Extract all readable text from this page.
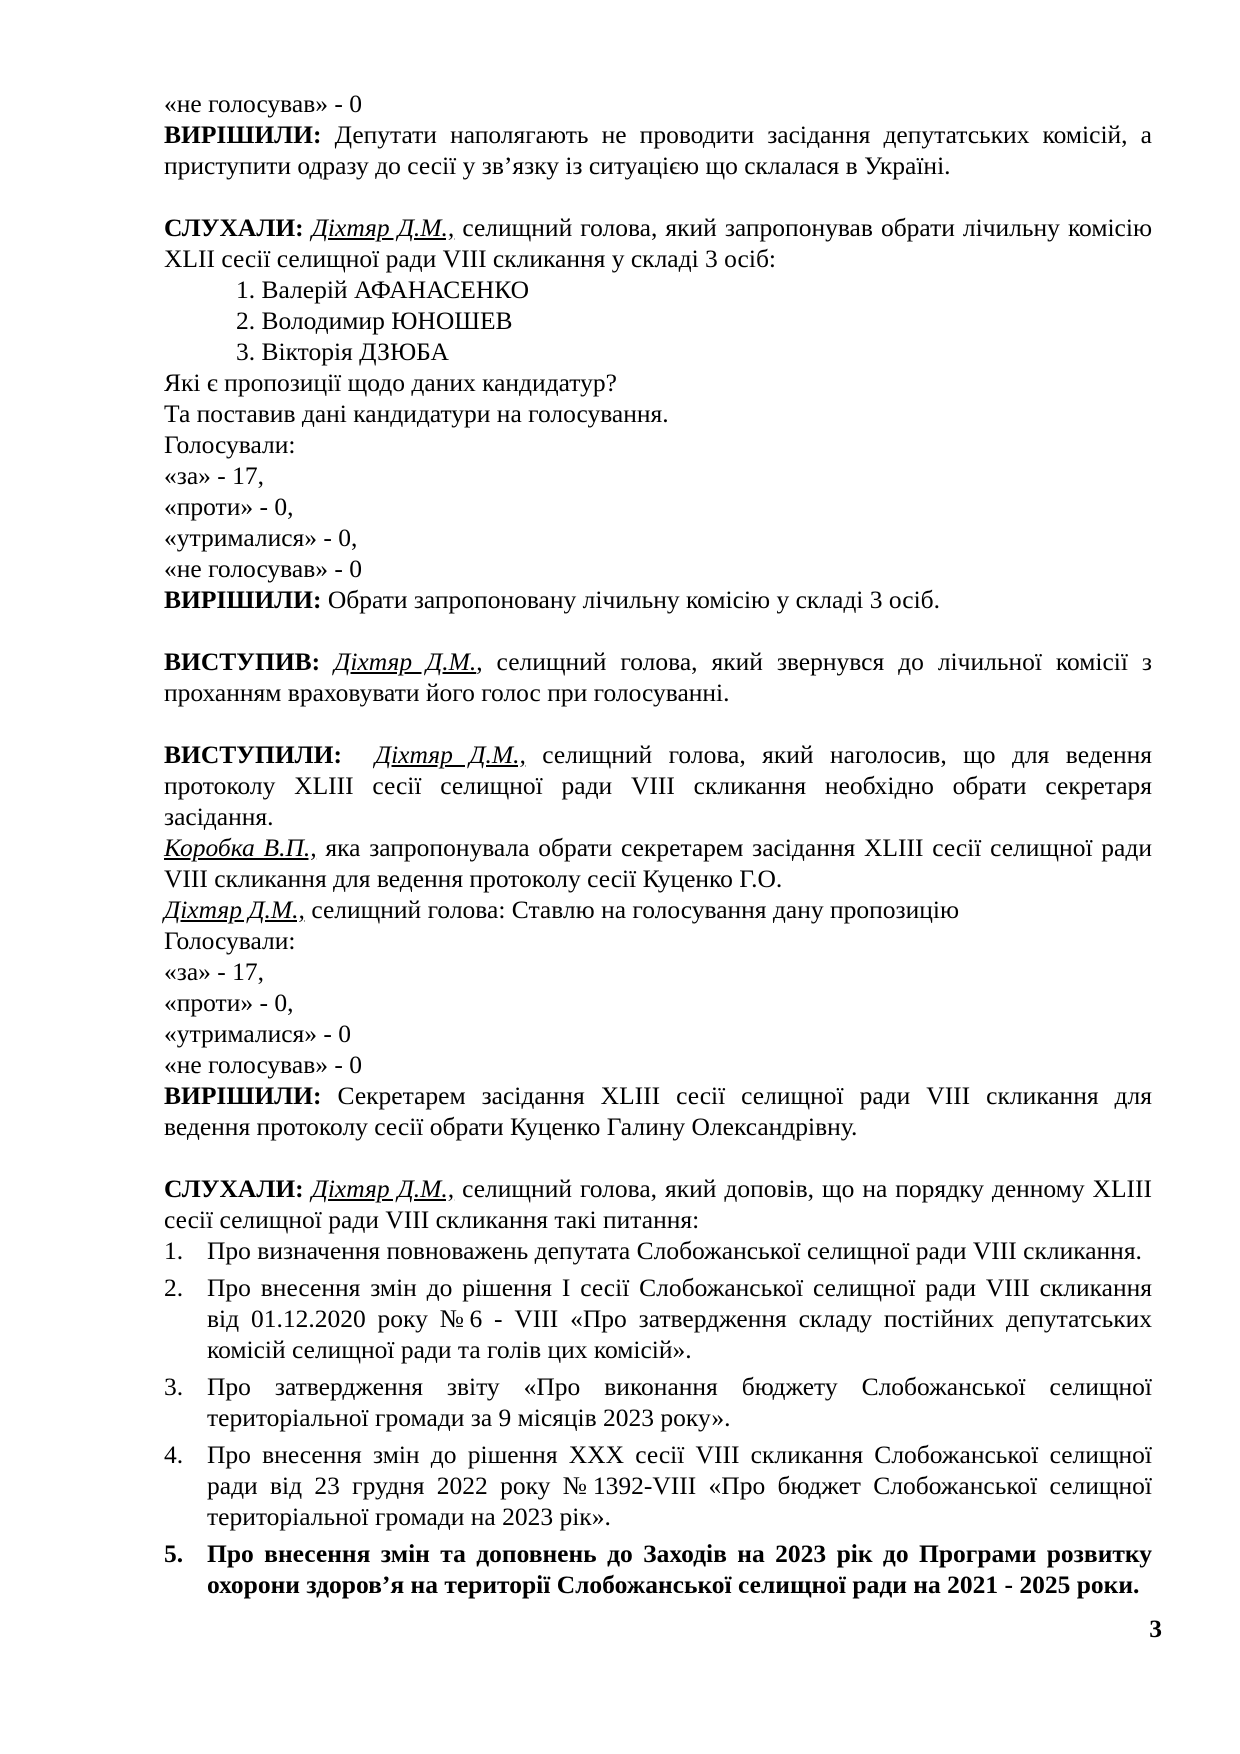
«не голосував» - 0

ВИРІШИЛИ: Депутати наполягають не проводити засідання депутатських комісій, а приступити одразу до сесії у зв’язку із ситуацією що склалася в Україні.

СЛУХАЛИ: Діхтяр Д.М., селищний голова, який запропонував обрати лічильну комісію ХLІІ сесії селищної ради VIII скликання у складі 3 осіб:

1. Валерій АФАНАСЕНКО
2. Володимир ЮНОШЕВ
3. Вікторія ДЗЮБА

Які є пропозиції щодо даних кандидатур?

Та поставив дані кандидатури на голосування.

Голосували:

«за» - 17,

«проти» - 0,

«утрималися» - 0,

«не голосував» - 0

ВИРІШИЛИ: Обрати запропоновану лічильну комісію у складі 3 осіб.

ВИСТУПИВ: Діхтяр Д.М., селищний голова, який звернувся до лічильної комісії з проханням враховувати його голос при голосуванні.

ВИСТУПИЛИ: Діхтяр Д.М., селищний голова, який наголосив, що для ведення протоколу XLIІІ сесії селищної ради VIІI скликання необхідно обрати секретаря засідання.

Коробка В.П., яка запропонувала обрати секретарем засідання ХLIІІ сесії селищної ради VIII скликання для ведення протоколу сесії Куценко Г.О.

Діхтяр Д.М., селищний голова: Ставлю на голосування дану пропозицію

Голосували:

«за» - 17,

«проти» - 0,

«утрималися» - 0

«не голосував» - 0

ВИРІШИЛИ: Секретарем засідання ХLIІІ сесії селищної ради VIII скликання для ведення протоколу сесії обрати Куценко Галину Олександрівну.

СЛУХАЛИ: Діхтяр Д.М., селищний голова, який доповів, що на порядку денному ХLIІІ сесії селищної ради VIII скликання такі питання:

1. Про визначення повноважень депутата Слобожанської селищної ради VIII скликання.
2. Про внесення змін до рішення I сесії Слобожанської селищної ради VIII скликання від 01.12.2020 року №6 - VIII «Про затвердження складу постійних депутатських комісій селищної ради та голів цих комісій».
3. Про затвердження звіту «Про виконання бюджету Слобожанської селищної територіальної громади за 9 місяців 2023 року».
4. Про внесення змін до рішення ХХХ сесії VIII скликання Слобожанської селищної ради від 23 грудня 2022 року №1392-VIII «Про бюджет Слобожанської селищної територіальної громади на 2023 рік».
5. Про внесення змін та доповнень до Заходів на 2023 рік до Програми розвитку охорони здоров’я на території Слобожанської селищної ради на 2021 - 2025 роки.
3
